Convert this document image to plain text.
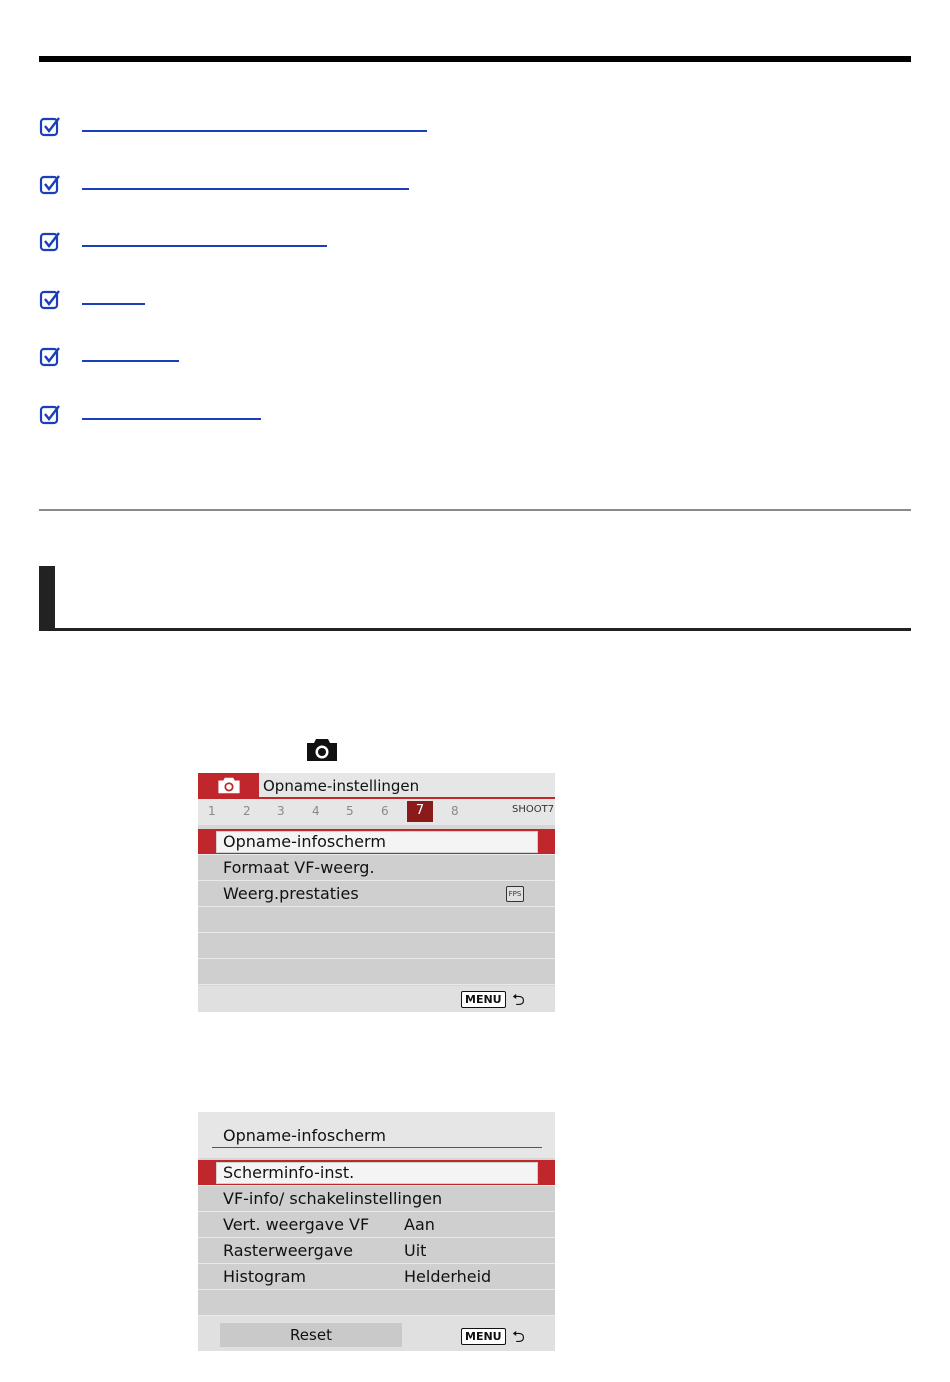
Opname-instellingen
1 2 3 4 5 6	8	SHOOT7
7
Opname-infoscherm
Formaat VF-weerg.
Weerg.prestaties	FPS
MENU ⮌
Opname-infoscherm
Scherminfo-inst.
VF-info/ schakelinstellingen
Vert. weergave VF Aan
Rasterweergave	Uit
Histogram	Helderheid
Reset	MENU ⮌
